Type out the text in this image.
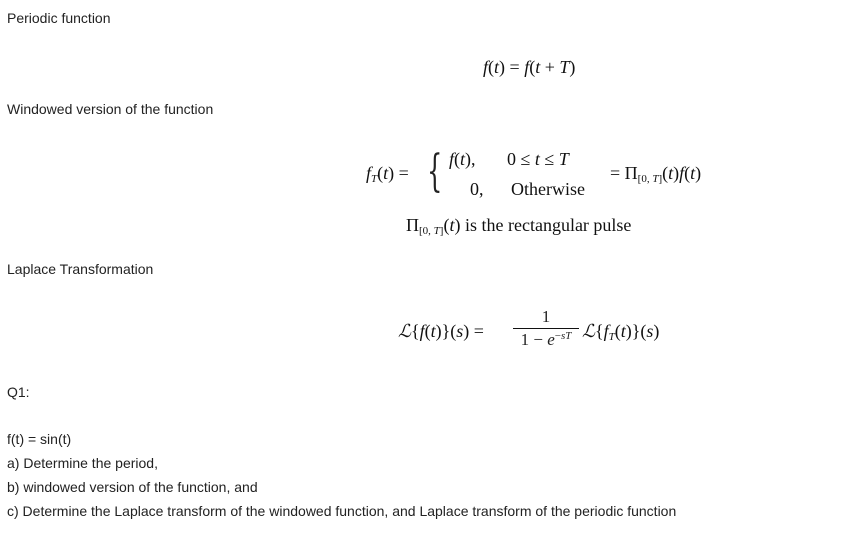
Periodic function
f(t) = f(t + T)
Windowed version of the function
$f_T(t)$ = { f(t), 0 ≤ t ≤ T
0, Otherwise
= $\Pi_{[0, T]}(t)f(t)$
$\Pi_{[0, T]}(t)$ is the rectangular pulse
Laplace Transformation
ℒ{f(t)}(s) =
1
$1 - e^{-sT}$ $ℒ\{f_T(t)\}(s)$
Q1:
f(t) = sin(t)
a) Determine the period,
b) windowed version of the function, and
c) Determine the Laplace transform of the windowed function, and Laplace transform of the periodic function
